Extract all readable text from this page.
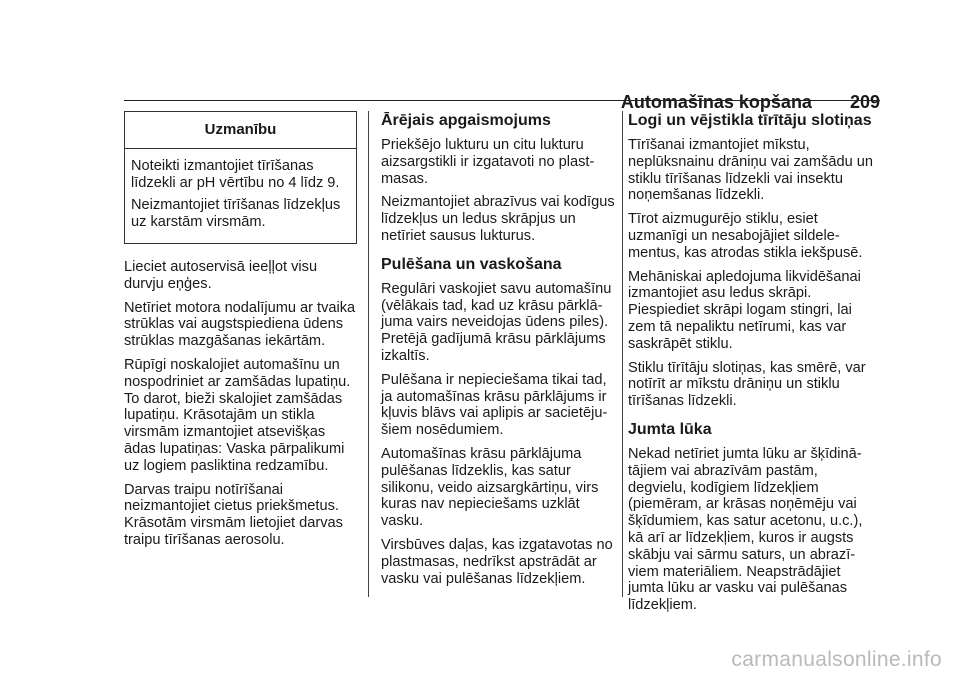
Automašīnas kopšana 209
Uzmanību

Noteikti izmantojiet tīrīšanas līdzekli ar pH vērtību no 4 līdz 9.

Neizmantojiet tīrīšanas līdzekļus uz karstām virsmām.

Lieciet autoservisā ieeļļot visu durvju eņģes.

Netīriet motora nodalījumu ar tvaika strūklas vai augstspiediena ūdens strūklas mazgāšanas iekārtām.

Rūpīgi noskalojiet automašīnu un nospodriniet ar zamšādas lupatiņu. To darot, bieži skalojiet zamšādas lupatiņu. Krāsotajām un stikla virsmām izmantojiet atsevišķas ādas lupatiņas: Vaska pārpalikumi uz logiem pasliktina redzamību.

Darvas traipu notīrīšanai neizmantojiet cietus priekšmetus. Krāsotām virsmām lietojiet darvas traipu tīrīšanas aerosolu.

Ārējais apgaismojums

Priekšējo lukturu un citu lukturu aizsargstikli ir izgatavoti no plastmasas.

Neizmantojiet abrazīvus vai kodīgus līdzekļus un ledus skrāpjus un netīriet sausus lukturus.

Pulēšana un vaskošana

Regulāri vaskojiet savu automašīnu (vēlākais tad, kad uz krāsu pārklājuma vairs neveidojas ūdens piles). Pretējā gadījumā krāsu pārklājums izkaltīs.

Pulēšana ir nepieciešama tikai tad, ja automašīnas krāsu pārklājums ir kļuvis blāvs vai aplipis ar sacietējušiem nosēdumiem.

Automašīnas krāsu pārklājuma pulēšanas līdzeklis, kas satur silikonu, veido aizsargkārtiņu, virs kuras nav nepieciešams uzklāt vasku.

Virsbūves daļas, kas izgatavotas no plastmasas, nedrīkst apstrādāt ar vasku vai pulēšanas līdzekļiem.

Logi un vējstikla tīrītāju slotiņas

Tīrīšanai izmantojiet mīkstu, neplūksnainu drāniņu vai zamšādu un stiklu tīrīšanas līdzekli vai insektu noņemšanas līdzekli.

Tīrot aizmugurējo stiklu, esiet uzmanīgi un nesabojājiet sildelementus, kas atrodas stikla iekšpusē.

Mehāniskai apledojuma likvidēšanai izmantojiet asu ledus skrāpi. Piespiediet skrāpi logam stingri, lai zem tā nepaliktu netīrumi, kas var saskrāpēt stiklu.

Stiklu tīrītāju slotiņas, kas smērē, var notīrīt ar mīkstu drāniņu un stiklu tīrīšanas līdzekli.

Jumta lūka

Nekad netīriet jumta lūku ar šķīdinātājiem vai abrazīvām pastām, degvielu, kodīgiem līdzekļiem (piemēram, ar krāsas noņēmēju vai šķīdumiem, kas satur acetonu, u.c.), kā arī ar līdzekļiem, kuros ir augsts skābju vai sārmu saturs, un abrazīviem materiāliem. Neapstrādājiet jumta lūku ar vasku vai pulēšanas līdzekļiem.

carmanualsonline.info
